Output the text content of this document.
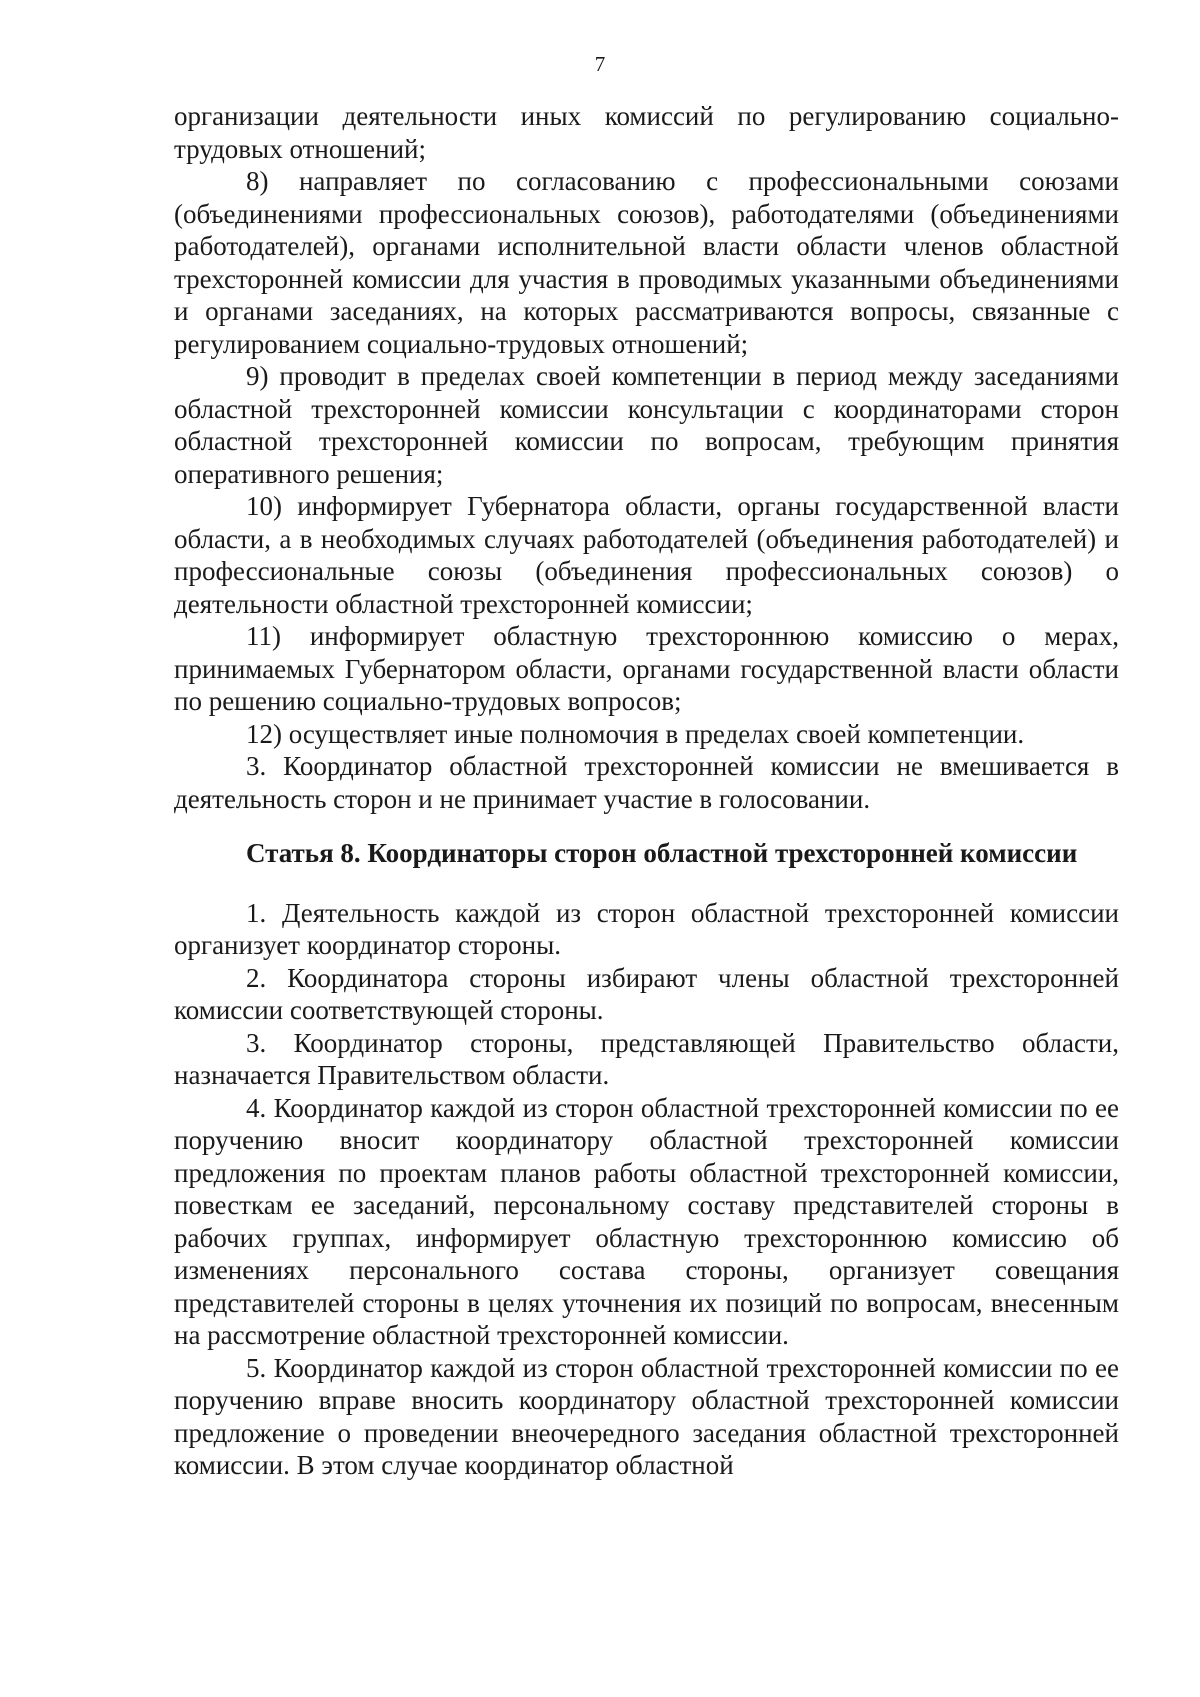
7

организации деятельности иных комиссий по регулированию социально-трудовых отношений;

8) направляет по согласованию с профессиональными союзами (объединениями профессиональных союзов), работодателями (объединениями работодателей), органами исполнительной власти области членов областной трехсторонней комиссии для участия в проводимых указанными объединениями и органами заседаниях, на которых рассматриваются вопросы, связанные с регулированием социально-трудовых отношений;

9) проводит в пределах своей компетенции в период между заседаниями областной трехсторонней комиссии консультации с координаторами сторон областной трехсторонней комиссии по вопросам, требующим принятия оперативного решения;

10) информирует Губернатора области, органы государственной власти области, а в необходимых случаях работодателей (объединения работодателей) и профессиональные союзы (объединения профессиональных союзов) о деятельности областной трехсторонней комиссии;

11) информирует областную трехстороннюю комиссию о мерах, принимаемых Губернатором области, органами государственной власти области по решению социально-трудовых вопросов;

12) осуществляет иные полномочия в пределах своей компетенции.

3. Координатор областной трехсторонней комиссии не вмешивается в деятельность сторон и не принимает участие в голосовании.

Статья 8. Координаторы сторон областной трехсторонней комиссии

1. Деятельность каждой из сторон областной трехсторонней комиссии организует координатор стороны.

2. Координатора стороны избирают члены областной трехсторонней комиссии соответствующей стороны.

3. Координатор стороны, представляющей Правительство области, назначается Правительством области.

4. Координатор каждой из сторон областной трехсторонней комиссии по ее поручению вносит координатору областной трехсторонней комиссии предложения по проектам планов работы областной трехсторонней комиссии, повесткам ее заседаний, персональному составу представителей стороны в рабочих группах, информирует областную трехстороннюю комиссию об изменениях персонального состава стороны, организует совещания представителей стороны в целях уточнения их позиций по вопросам, внесенным на рассмотрение областной трехсторонней комиссии.

5. Координатор каждой из сторон областной трехсторонней комиссии по ее поручению вправе вносить координатору областной трехсторонней комиссии предложение о проведении внеочередного заседания областной трехсторонней комиссии. В этом случае координатор областной
